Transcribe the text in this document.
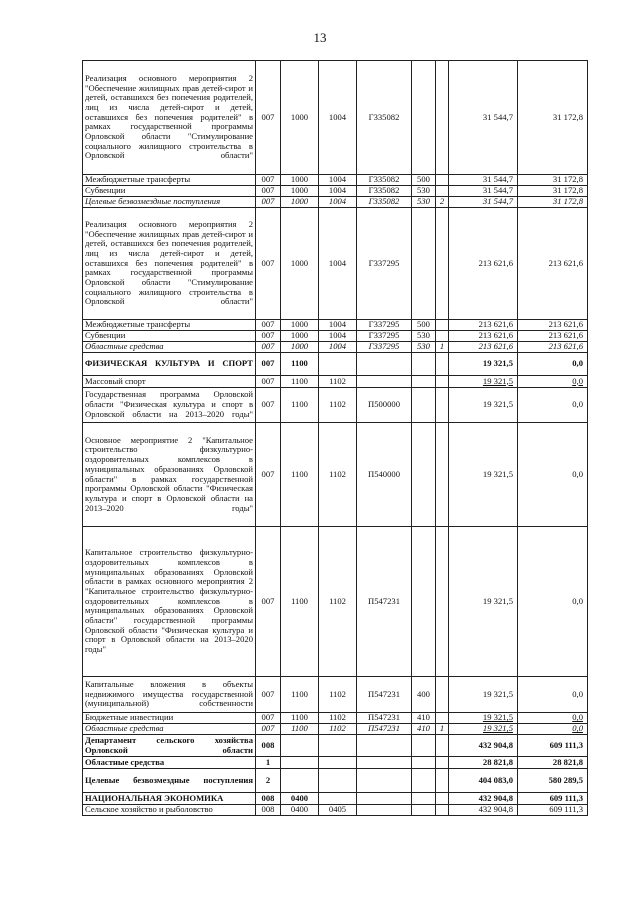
13
Реализация основного мероприятия 2 "Обеспечение жилищных прав детей-сирот и детей, оставшихся без попечения родителей, лиц из числа детей-сирот и детей, оставшихся без попечения родителей" в рамках государственной программы Орловской области "Стимулирование социального жилищного строительства в Орловской области"	007	1000	1004	Г335082			31 544,7	31 172,8
Межбюджетные трансферты	007	1000	1004	Г335082	500		31 544,7	31 172,8
Субвенции	007	1000	1004	Г335082	530		31 544,7	31 172,8
Целевые безвозмездные поступления	007	1000	1004	Г335082	530	2	31 544,7	31 172,8
Реализация основного мероприятия 2 "Обеспечение жилищных прав детей-сирот и детей, оставшихся без попечения родителей, лиц из числа детей-сирот и детей, оставшихся без попечения родителей" в рамках государственной программы Орловской области "Стимулирование социального жилищного строительства в Орловской области"	007	1000	1004	Г337295			213 621,6	213 621,6
Межбюджетные трансферты	007	1000	1004	Г337295	500		213 621,6	213 621,6
Субвенции	007	1000	1004	Г337295	530		213 621,6	213 621,6
Областные средства	007	1000	1004	Г337295	530	1	213 621,6	213 621,6
ФИЗИЧЕСКАЯ КУЛЬТУРА И СПОРТ	007	1100					19 321,5	0,0
Массовый спорт	007	1100	1102				19 321,5	0,0
Государственная программа Орловской области "Физическая культура и спорт в Орловской области на 2013–2020 годы"	007	1100	1102	П500000			19 321,5	0,0
Основное мероприятие 2 "Капитальное строительство физкультурно-оздоровительных комплексов в муниципальных образованиях Орловской области" в рамках государственной программы Орловской области "Физическая культура и спорт в Орловской области на 2013–2020 годы"	007	1100	1102	П540000			19 321,5	0,0
Капитальное строительство физкультурно-оздоровительных комплексов в муниципальных образованиях Орловской области в рамках основного мероприятия 2 "Капитальное строительство физкультурно-оздоровительных комплексов в муниципальных образованиях Орловской области" государственной программы Орловской области "Физическая культура и спорт в Орловской области на 2013–2020 годы"	007	1100	1102	П547231			19 321,5	0,0
Капитальные вложения в объекты недвижимого имущества государственной (муниципальной) собственности	007	1100	1102	П547231	400		19 321,5	0,0
Бюджетные инвестиции	007	1100	1102	П547231	410		19 321,5	0,0
Областные средства	007	1100	1102	П547231	410	1	19 321,5	0,0
Департамент сельского хозяйства Орловской области	008						432 904,8	609 111,3
Областные средства	1						28 821,8	28 821,8
Целевые безвозмездные поступления	2						404 083,0	580 289,5
НАЦИОНАЛЬНАЯ ЭКОНОМИКА	008	0400					432 904,8	609 111,3
Сельское хозяйство и рыболовство	008	0400	0405				432 904,8	609 111,3
